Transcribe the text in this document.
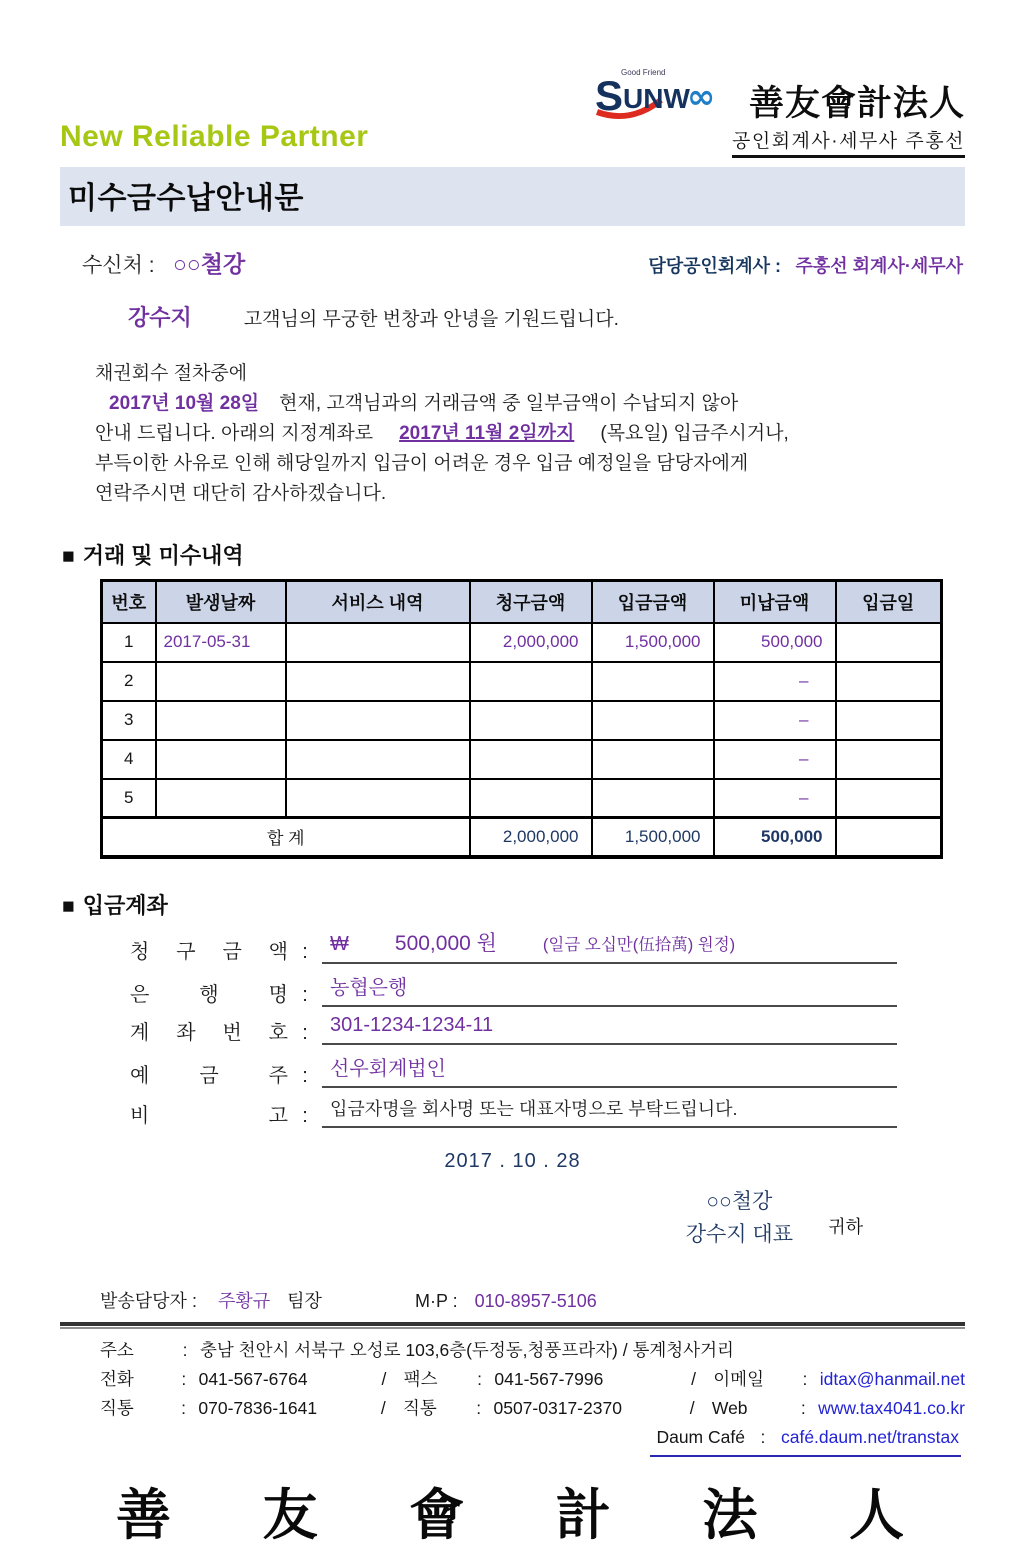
New Reliable Partner
Good Friend
S UNW
∞ 善友會計法人
공인회계사·세무사 주홍선
미수금수납안내문
수신처 : ○○철강	담당공인회계사 : 주홍선 회계사·세무사
강수지	고객님의 무궁한 번창과 안녕을 기원드립니다.
채권회수 절차중에
2017년 10월 28일 현재, 고객님과의 거래금액 중 일부금액이 수납되지 않아
안내 드립니다. 아래의 지정계좌로 2017년 11월 2일까지 (목요일) 입금주시거나,
부득이한 사유로 인해 해당일까지 입금이 어려운 경우 입금 예정일을 담당자에게
연락주시면 대단히 감사하겠습니다.
■ 거래 및 미수내역
번호	발생날짜	서비스 내역	청구금액	입금금액	미납금액	입금일
1	2017-05-31		2,000,000	1,500,000	500,000	
2					–	
3					–	
4					–	
5					–	
합 계			2,000,000	1,500,000	500,000	
■ 입금계좌
청 구 금 액 :	₩ 500,000 원	(일금 오십만(伍拾萬) 원정)
은 행 명 :	농협은행
계 좌 번 호 :	301-1234-1234-11
예 금 주 :	선우회계법인
비 고 :	입금자명을 회사명 또는 대표자명으로 부탁드립니다.
2017 . 10 . 28
○○철강
강수지 대표 귀하
발송담당자 : 주황규 팀장	M·P : 010-8957-5106
주소	: 충남 천안시 서북구 오성로 103,6층(두정동,청풍프라자) / 통계청사거리
전화	: 041-567-6764	/ 팩스	: 041-567-7996	/ 이메일	: idtax@hanmail.net
직통	: 070-7836-1641	/ 직통	: 0507-0317-2370	/ Web	: www.tax4041.co.kr
Daum Café : café.daum.net/transtax
善 友 會 計 法 人
